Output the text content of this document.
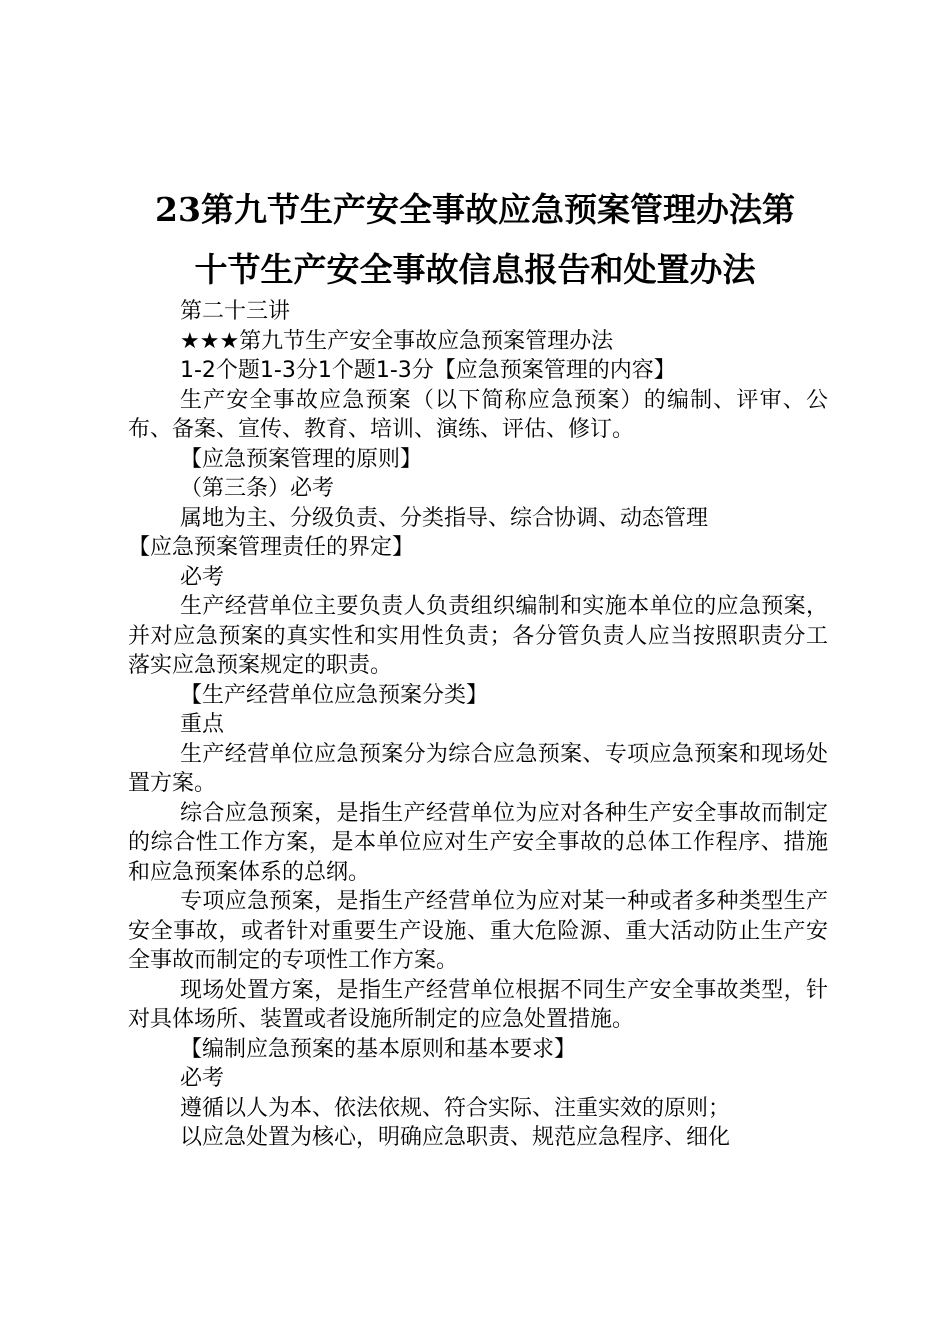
23第九节生产安全事故应急预案管理办法第
十节生产安全事故信息报告和处置办法

第二十三讲

★★★第九节生产安全事故应急预案管理办法

1-2个题1-3分1个题1-3分【应急预案管理的内容】

生产安全事故应急预案（以下简称应急预案）的编制、评审、公布、备案、宣传、教育、培训、演练、评估、修订。

【应急预案管理的原则】

（第三条）必考

属地为主、分级负责、分类指导、综合协调、动态管理

【应急预案管理责任的界定】

必考

生产经营单位主要负责人负责组织编制和实施本单位的应急预案，并对应急预案的真实性和实用性负责；各分管负责人应当按照职责分工落实应急预案规定的职责。

【生产经营单位应急预案分类】

重点

生产经营单位应急预案分为综合应急预案、专项应急预案和现场处置方案。

综合应急预案，是指生产经营单位为应对各种生产安全事故而制定的综合性工作方案，是本单位应对生产安全事故的总体工作程序、措施和应急预案体系的总纲。

专项应急预案，是指生产经营单位为应对某一种或者多种类型生产安全事故，或者针对重要生产设施、重大危险源、重大活动防止生产安全事故而制定的专项性工作方案。

现场处置方案，是指生产经营单位根据不同生产安全事故类型，针对具体场所、装置或者设施所制定的应急处置措施。

【编制应急预案的基本原则和基本要求】

必考

遵循以人为本、依法依规、符合实际、注重实效的原则；

以应急处置为核心，明确应急职责、规范应急程序、细化
